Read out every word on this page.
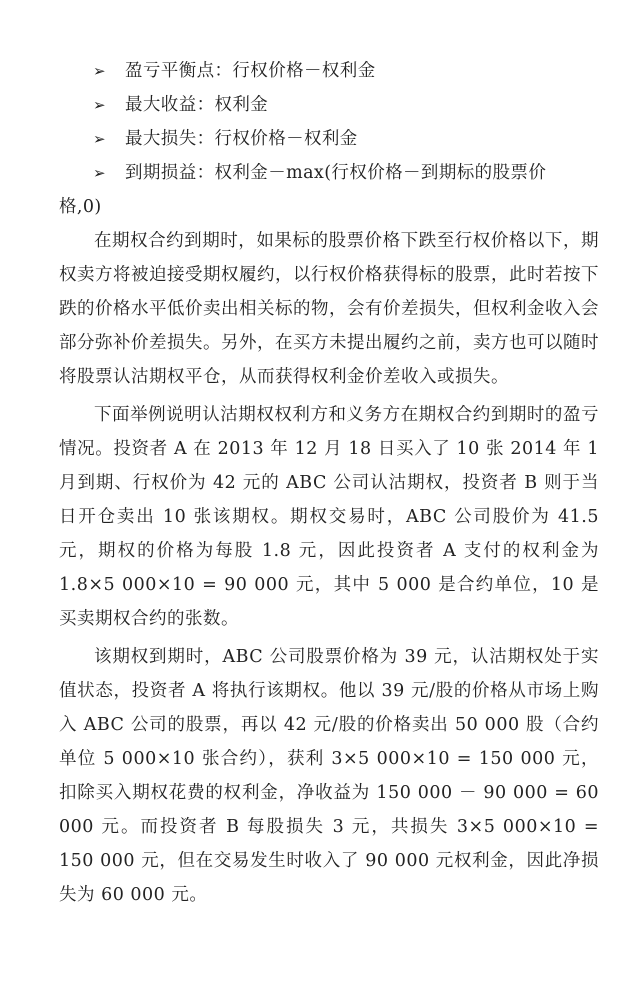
➢	盈亏平衡点：行权价格－权利金
➢	最大收益：权利金
➢	最大损失：行权价格－权利金
➢	到期损益：权利金－max(行权价格－到期标的股票价
格,0)

在期权合约到期时，如果标的股票价格下跌至行权价格以下，期权卖方将被迫接受期权履约，以行权价格获得标的股票，此时若按下跌的价格水平低价卖出相关标的物，会有价差损失，但权利金收入会部分弥补价差损失。另外，在买方未提出履约之前，卖方也可以随时将股票认沽期权平仓，从而获得权利金价差收入或损失。

下面举例说明认沽期权权利方和义务方在期权合约到期时的盈亏情况。投资者 A 在 2013 年 12 月 18 日买入了 10 张 2014 年 1 月到期、行权价为 42 元的 ABC 公司认沽期权，投资者 B 则于当日开仓卖出 10 张该期权。期权交易时，ABC 公司股价为 41.5 元，期权的价格为每股 1.8 元，因此投资者 A 支付的权利金为 1.8×5 000×10 = 90 000 元，其中 5 000 是合约单位，10 是买卖期权合约的张数。

该期权到期时，ABC 公司股票价格为 39 元，认沽期权处于实值状态，投资者 A 将执行该期权。他以 39 元/股的价格从市场上购入 ABC 公司的股票，再以 42 元/股的价格卖出 50 000 股（合约单位 5 000×10 张合约），获利 3×5 000×10 = 150 000 元，扣除买入期权花费的权利金，净收益为 150 000 － 90 000 = 60 000 元。而投资者 B 每股损失 3 元，共损失 3×5 000×10 = 150 000 元，但在交易发生时收入了 90 000 元权利金，因此净损失为 60 000 元。
